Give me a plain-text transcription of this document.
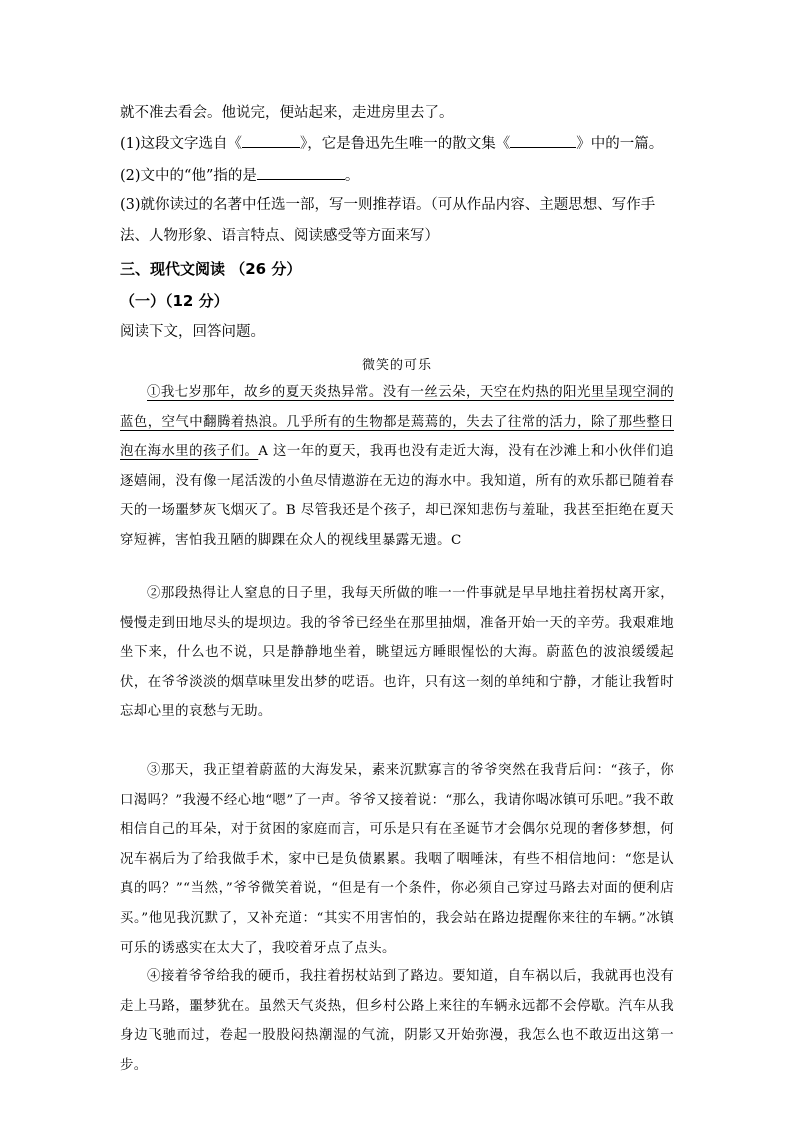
就不准去看会。他说完，便站起来，走进房里去了。
(1)这段文字选自《	》，它是鲁迅先生唯一的散文集《	》中的一篇。
(2)文中的“他”指的是	。
(3)就你读过的名著中任选一部，写一则推荐语。（可从作品内容、主题思想、写作手法、人物形象、语言特点、阅读感受等方面来写）
三、现代文阅读 （26 分）
（一）（12 分）
阅读下文，回答问题。
微笑的可乐
①我七岁那年，故乡的夏天炎热异常。没有一丝云朵，天空在灼热的阳光里呈现空洞的蓝色，空气中翻腾着热浪。几乎所有的生物都是蔫蔫的，失去了往常的活力，除了那些整日泡在海水里的孩子们。A 这一年的夏天，我再也没有走近大海，没有在沙滩上和小伙伴们追逐嬉闹，没有像一尾活泼的小鱼尽情遨游在无边的海水中。我知道，所有的欢乐都已随着春天的一场噩梦灰飞烟灭了。B 尽管我还是个孩子，却已深知悲伤与羞耻，我甚至拒绝在夏天穿短裤，害怕我丑陋的脚踝在众人的视线里暴露无遗。C
②那段热得让人窒息的日子里，我每天所做的唯一一件事就是早早地拄着拐杖离开家，慢慢走到田地尽头的堤坝边。我的爷爷已经坐在那里抽烟，准备开始一天的辛劳。我艰难地坐下来，什么也不说，只是静静地坐着，眺望远方睡眼惺忪的大海。蔚蓝色的波浪缓缓起伏，在爷爷淡淡的烟草味里发出梦的呓语。也许，只有这一刻的单纯和宁静，才能让我暂时忘却心里的哀愁与无助。
③那天，我正望着蔚蓝的大海发呆，素来沉默寡言的爷爷突然在我背后问：“孩子，你口渴吗？”我漫不经心地“嗯”了一声。爷爷又接着说：“那么，我请你喝冰镇可乐吧。”我不敢相信自己的耳朵，对于贫困的家庭而言，可乐是只有在圣诞节才会偶尔兑现的奢侈梦想，何况车祸后为了给我做手术，家中已是负债累累。我咽了咽唾沫，有些不相信地问：“您是认真的吗？”“当然，”爷爷微笑着说，“但是有一个条件，你必须自己穿过马路去对面的便利店买。”他见我沉默了，又补充道：“其实不用害怕的，我会站在路边提醒你来往的车辆。”冰镇可乐的诱惑实在太大了，我咬着牙点了点头。
④接着爷爷给我的硬币，我拄着拐杖站到了路边。要知道，自车祸以后，我就再也没有走上马路，噩梦犹在。虽然天气炎热，但乡村公路上来往的车辆永远都不会停歇。汽车从我身边飞驰而过，卷起一股股闷热潮湿的气流，阴影又开始弥漫，我怎么也不敢迈出这第一步。
